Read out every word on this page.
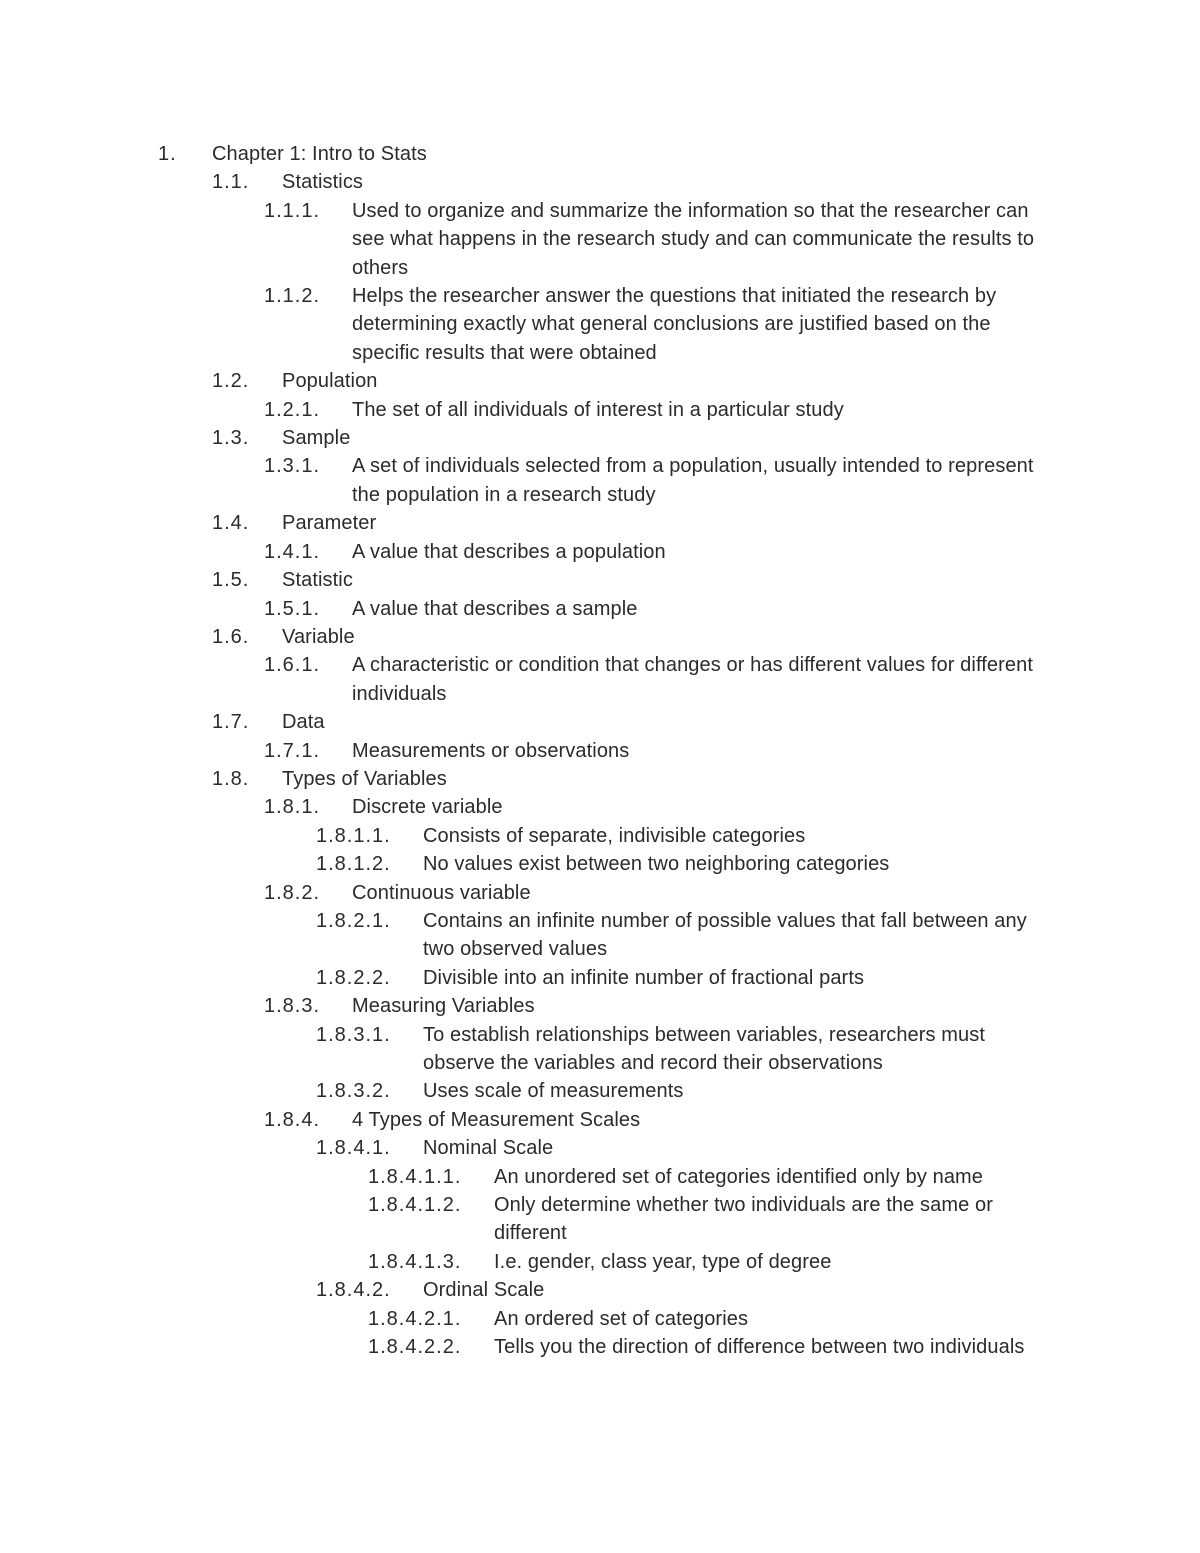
1. Chapter 1: Intro to Stats
1.1. Statistics
1.1.1. Used to organize and summarize the information so that the researcher can see what happens in the research study and can communicate the results to others
1.1.2. Helps the researcher answer the questions that initiated the research by determining exactly what general conclusions are justified based on the specific results that were obtained
1.2. Population
1.2.1. The set of all individuals of interest in a particular study
1.3. Sample
1.3.1. A set of individuals selected from a population, usually intended to represent the population in a research study
1.4. Parameter
1.4.1. A value that describes a population
1.5. Statistic
1.5.1. A value that describes a sample
1.6. Variable
1.6.1. A characteristic or condition that changes or has different values for different individuals
1.7. Data
1.7.1. Measurements or observations
1.8. Types of Variables
1.8.1. Discrete variable
1.8.1.1. Consists of separate, indivisible categories
1.8.1.2. No values exist between two neighboring categories
1.8.2. Continuous variable
1.8.2.1. Contains an infinite number of possible values that fall between any two observed values
1.8.2.2. Divisible into an infinite number of fractional parts
1.8.3. Measuring Variables
1.8.3.1. To establish relationships between variables, researchers must observe the variables and record their observations
1.8.3.2. Uses scale of measurements
1.8.4. 4 Types of Measurement Scales
1.8.4.1. Nominal Scale
1.8.4.1.1. An unordered set of categories identified only by name
1.8.4.1.2. Only determine whether two individuals are the same or different
1.8.4.1.3. I.e. gender, class year, type of degree
1.8.4.2. Ordinal Scale
1.8.4.2.1. An ordered set of categories
1.8.4.2.2. Tells you the direction of difference between two individuals
